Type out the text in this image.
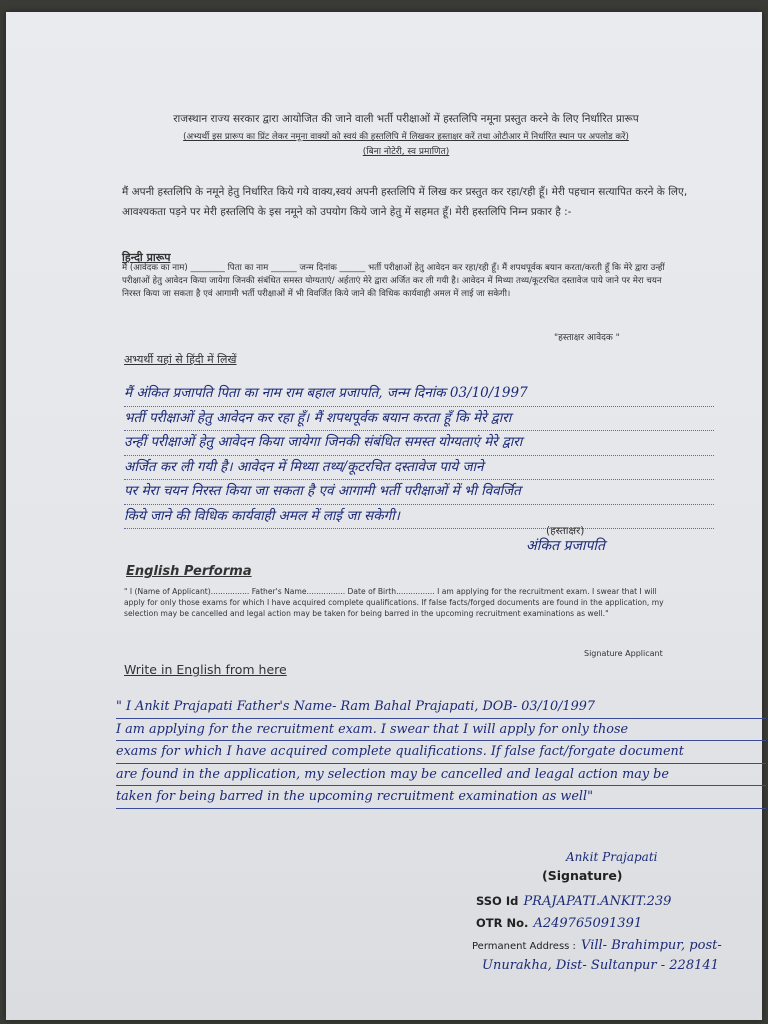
राजस्थान राज्य सरकार द्वारा आयोजित की जाने वाली भर्ती परीक्षाओं में हस्तलिपि नमूना प्रस्तुत करने के लिए निर्धारित प्रारूप
(अभ्यर्थी इस प्रारूप का प्रिंट लेकर नमूना वाक्यों को स्वयं की हस्तलिपि में लिखकर हस्ताक्षर करें तथा ओटीआर में निर्धारित स्थान पर अपलोड करें)
(बिना नोटेरी, स्व प्रमाणित)
मैं अपनी हस्तलिपि के नमूने हेतु निर्धारित किये गये वाक्य,स्वयं अपनी हस्तलिपि में लिख कर प्रस्तुत कर रहा/रही हूँ। मेरी पहचान सत्यापित करने के लिए, आवश्यकता पड़ने पर मेरी हस्तलिपि के इस नमूने को उपयोग किये जाने हेतु में सहमत हूँ। मेरी हस्तलिपि निम्न प्रकार है :-
हिन्दी प्रारूप
मैं (आवेदक का नाम) ________ पिता का नाम ______ जन्म दिनांक ______ भर्ती परीक्षाओं हेतु आवेदन कर रहा/रही हूँ। मैं शपथपूर्वक बयान करता/करती हूँ कि मेरे द्वारा उन्हीं परीक्षाओं हेतु आवेदन किया जायेगा जिनकी संबंधित समस्त योग्यताएं/ अर्हताएं मेरे द्वारा अर्जित कर ली गयी है। आवेदन में मिथ्या तथ्य/कूटरचित दस्तावेज पाये जाने पर मेरा चयन निरस्त किया जा सकता है एवं आगामी भर्ती परीक्षाओं में भी विवर्जित किये जाने की विधिक कार्यवाही अमल में लाई जा सकेगी।
"हस्ताक्षर आवेदक "
अभ्यर्थी यहां से हिंदी में लिखें
मैं अंकित प्रजापति पिता का नाम राम बहाल प्रजापति, जन्म दिनांक 03/10/1997
भर्ती परीक्षाओं हेतु आवेदन कर रहा हूँ। मैं शपथपूर्वक बयान करता हूँ कि मेरे द्वारा
उन्हीं परीक्षाओं हेतु आवेदन किया जायेगा जिनकी संबंधित समस्त योग्यताएं मेरे द्वारा
अर्जित कर ली गयी है। आवेदन में मिथ्या तथ्य/कूटरचित दस्तावेज पाये जाने
पर मेरा चयन निरस्त किया जा सकता है एवं आगामी भर्ती परीक्षाओं में भी विवर्जित
किये जाने की विधिक कार्यवाही अमल में लाई जा सकेगी।
(हस्ताक्षर)
अंकित प्रजापति
English Performa
" I (Name of Applicant)................ Father's Name................ Date of Birth................ I am applying for the recruitment exam. I swear that I will apply for only those exams for which I have acquired complete qualifications. If false facts/forged documents are found in the application, my selection may be cancelled and legal action may be taken for being barred in the upcoming recruitment examinations as well."
Signature Applicant
Write in English from here
" I Ankit Prajapati Father's Name- Ram Bahal Prajapati, DOB- 03/10/1997
I am applying for the recruitment exam. I swear that I will apply for only those
exams for which I have acquired complete qualifications. If false fact/forgate document
are found in the application, my selection may be cancelled and leagal action may be
taken for being barred in the upcoming recruitment examination as well"
Ankit Prajapati
(Signature)
SSO Id PRAJAPATI.ANKIT.239
OTR No. A249765091391
Permanent Address : Vill- Brahimpur, post-
Unurakha, Dist- Sultanpur - 228141
